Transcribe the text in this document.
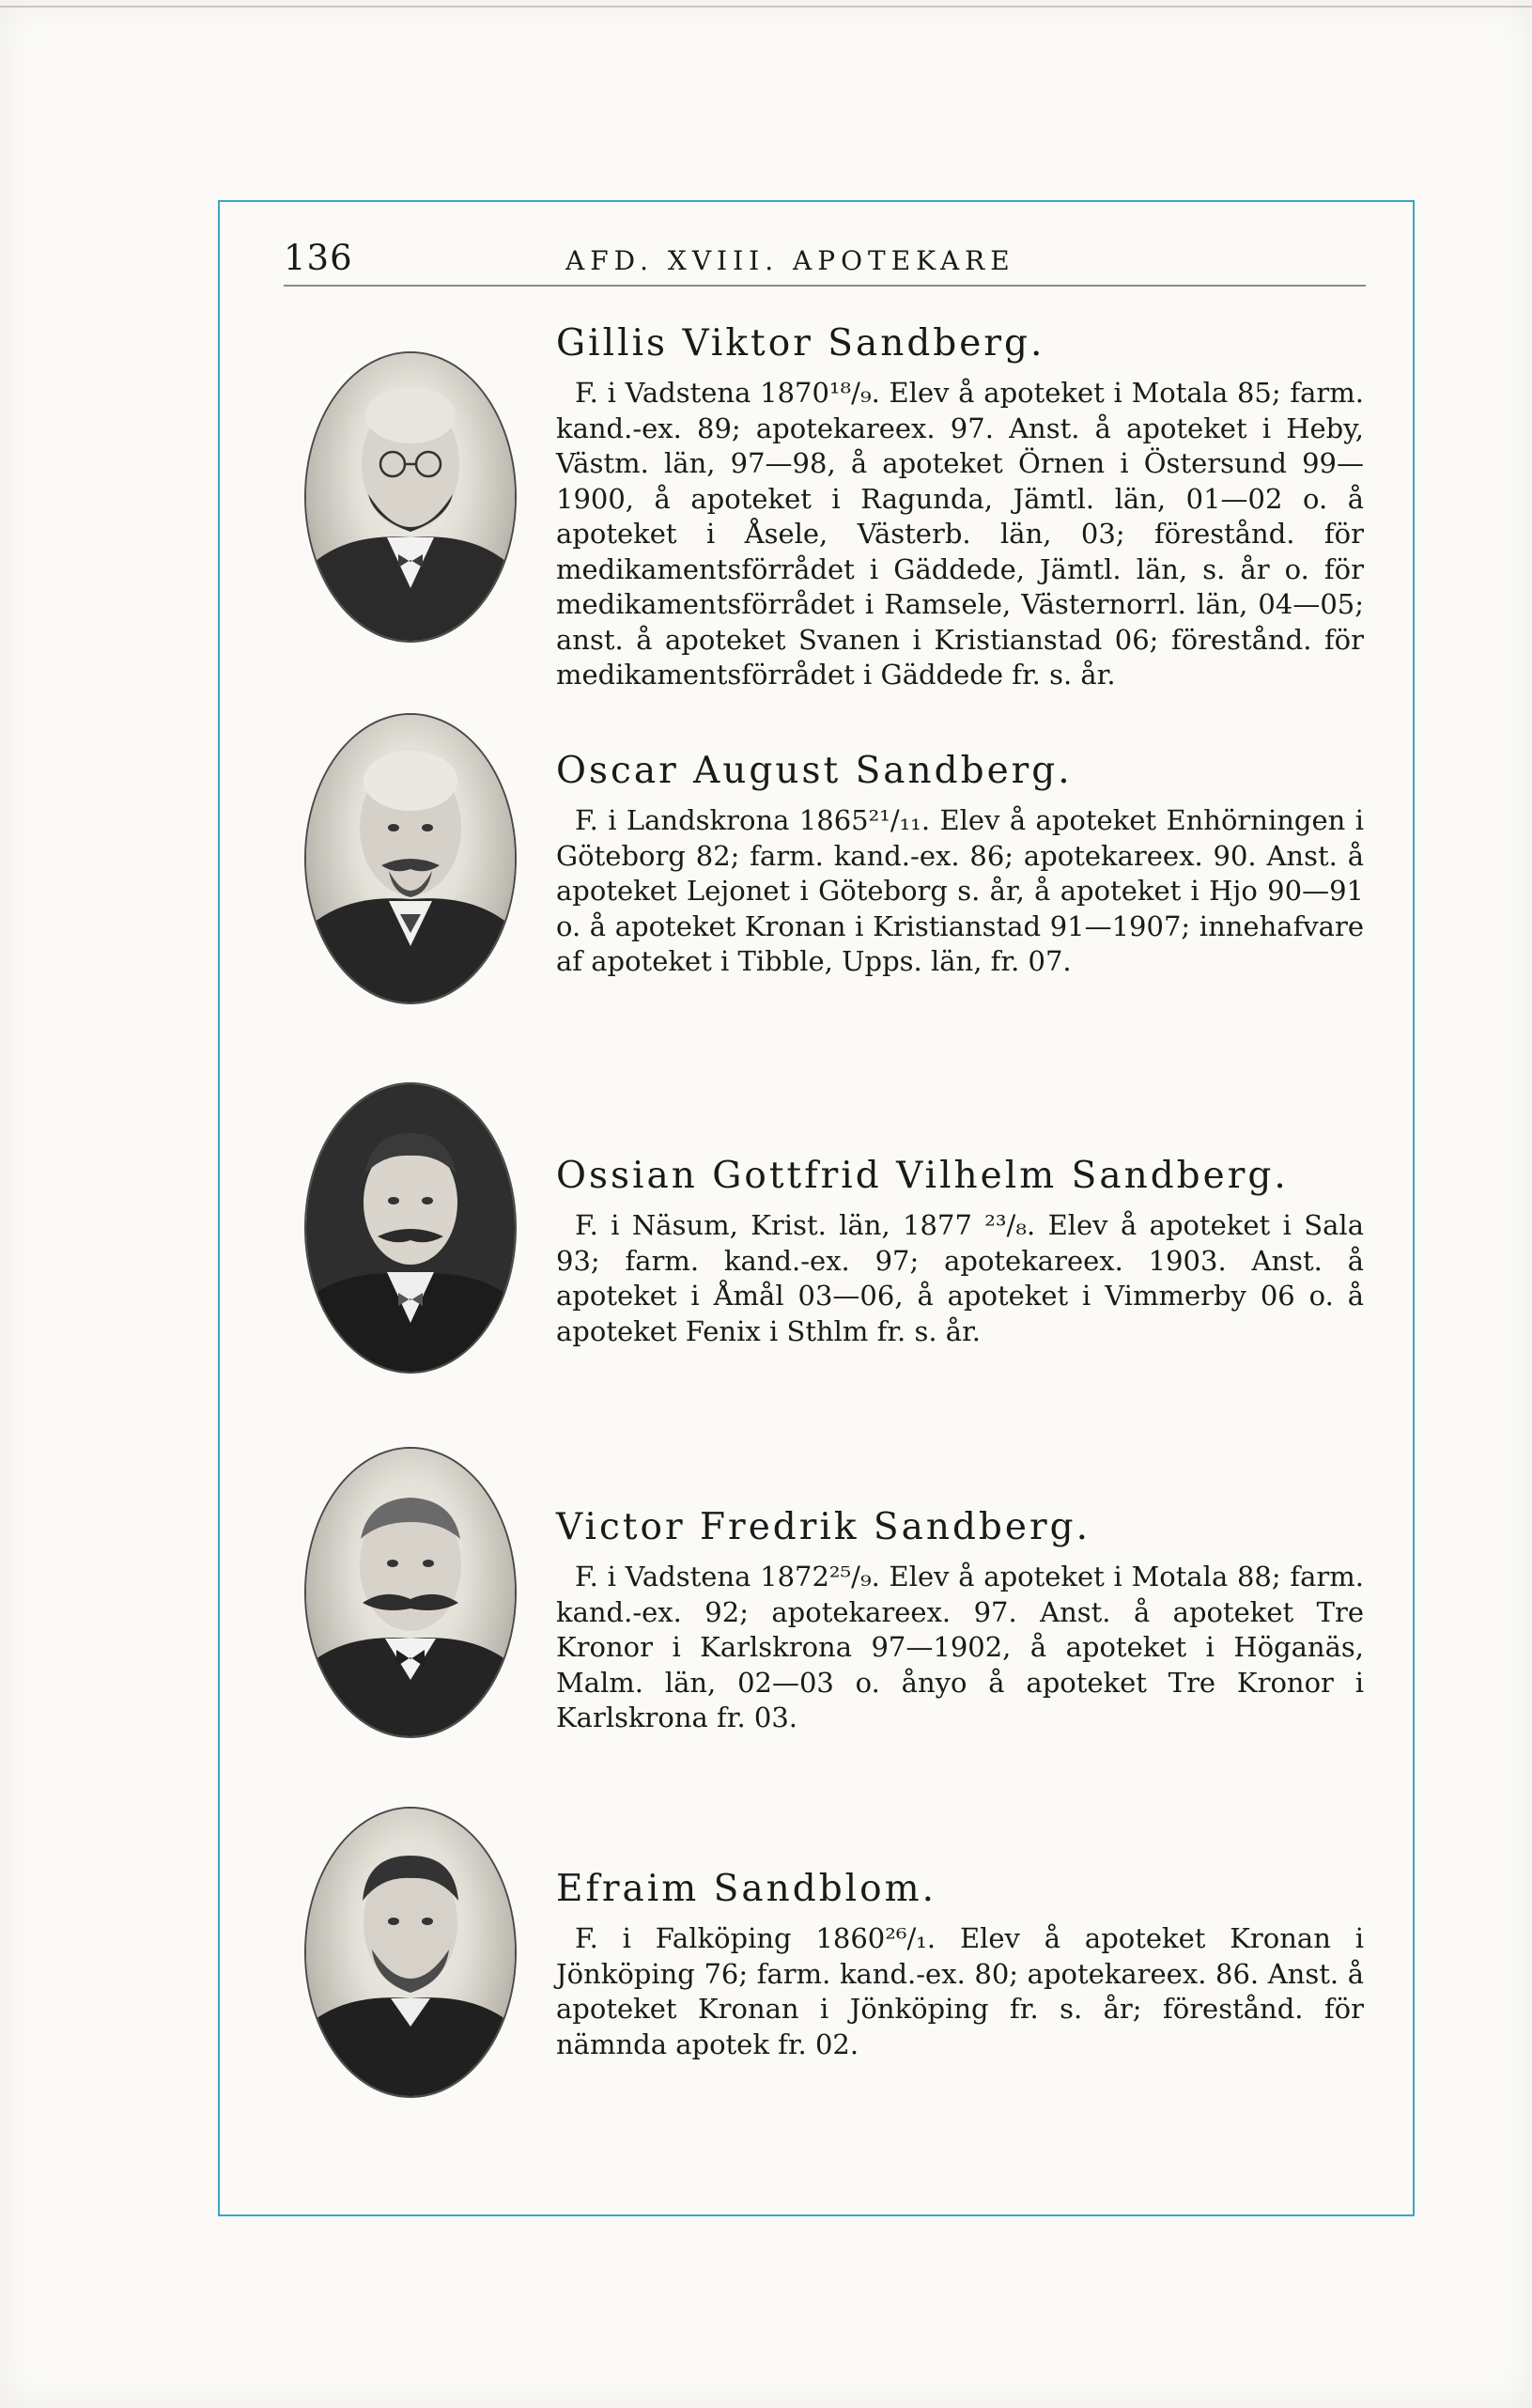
136	AFD. XVIII. APOTEKARE
Gillis Viktor Sandberg.

F. i Vadstena 1870¹⁸/₉. Elev å apoteket i Motala 85; farm. kand.-ex. 89; apotekareex. 97. Anst. å apoteket i Heby, Västm. län, 97—98, å apoteket Örnen i Östersund 99—1900, å apoteket i Ragunda, Jämtl. län, 01—02 o. å apoteket i Åsele, Västerb. län, 03; förestånd. för medikamentsförrådet i Gäddede, Jämtl. län, s. år o. för medikamentsförrådet i Ramsele, Västernorrl. län, 04—05; anst. å apoteket Svanen i Kristianstad 06; förestånd. för medikamentsförrådet i Gäddede fr. s. år.

Oscar August Sandberg.

F. i Landskrona 1865²¹/₁₁. Elev å apoteket Enhörningen i Göteborg 82; farm. kand.-ex. 86; apotekareex. 90. Anst. å apoteket Lejonet i Göteborg s. år, å apoteket i Hjo 90—91 o. å apoteket Kronan i Kristianstad 91—1907; innehafvare af apoteket i Tibble, Upps. län, fr. 07.

Ossian Gottfrid Vilhelm Sandberg.

F. i Näsum, Krist. län, 1877 ²³/₈. Elev å apoteket i Sala 93; farm. kand.-ex. 97; apotekareex. 1903. Anst. å apoteket i Åmål 03—06, å apoteket i Vimmerby 06 o. å apoteket Fenix i Sthlm fr. s. år.

Victor Fredrik Sandberg.

F. i Vadstena 1872²⁵/₉. Elev å apoteket i Motala 88; farm. kand.-ex. 92; apotekareex. 97. Anst. å apoteket Tre Kronor i Karlskrona 97—1902, å apoteket i Höganäs, Malm. län, 02—03 o. ånyo å apoteket Tre Kronor i Karlskrona fr. 03.

Efraim Sandblom.

F. i Falköping 1860²⁶/₁. Elev å apoteket Kronan i Jönköping 76; farm. kand.-ex. 80; apotekareex. 86. Anst. å apoteket Kronan i Jönköping fr. s. år; förestånd. för nämnda apotek fr. 02.
